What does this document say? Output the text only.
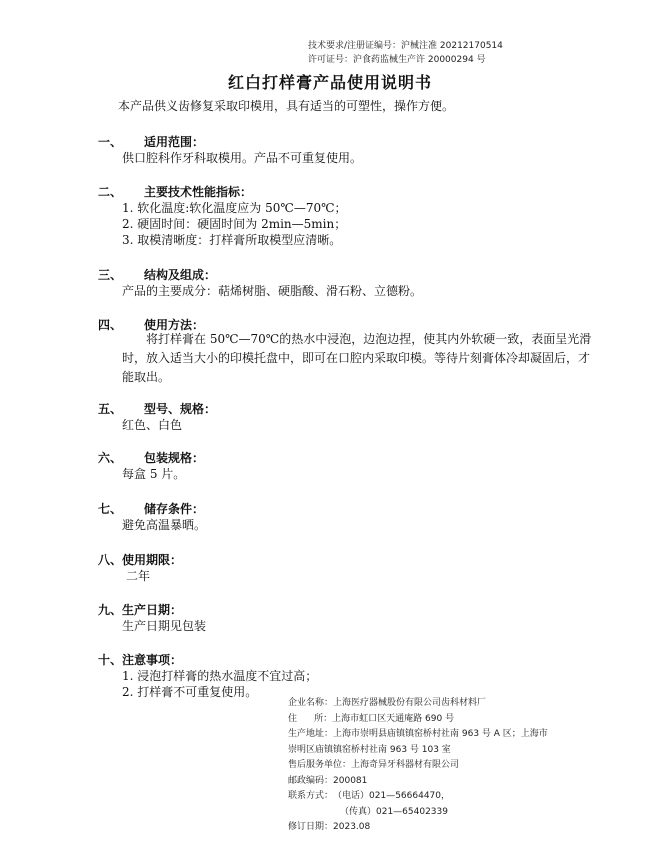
技术要求/注册证编号：沪械注准 20212170514
许可证号：沪食药监械生产许 20000294 号
红白打样膏产品使用说明书
本产品供义齿修复采取印模用，具有适当的可塑性，操作方便。
一、 适用范围：
供口腔科作牙科取模用。产品不可重复使用。
二、 主要技术性能指标：
1. 软化温度:软化温度应为 50℃—70℃；
2. 硬固时间：硬固时间为 2min—5min；
3. 取模清晰度：打样膏所取模型应清晰。
三、 结构及组成：
产品的主要成分：萜烯树脂、硬脂酸、滑石粉、立德粉。
四、 使用方法：
将打样膏在 50℃—70℃的热水中浸泡，边泡边捏，使其内外软硬一致，表面呈光滑时，放入适当大小的印模托盘中，即可在口腔内采取印模。等待片刻膏体冷却凝固后，才能取出。
五、 型号、规格：
红色、白色
六、 包装规格：
每盒 5 片。
七、 储存条件：
避免高温暴晒。
八、 使用期限：
二年
九、 生产日期：
生产日期见包装
十、 注意事项：
1. 浸泡打样膏的热水温度不宜过高；
2. 打样膏不可重复使用。
企业名称： 上海医疗器械股份有限公司齿科材料厂
住      所： 上海市虹口区天通庵路 690 号
生产地址： 上海市崇明县庙镇镇窑桥村社南 963 号 A 区；上海市
崇明区庙镇镇窑桥村社南 963 号 103 室
售后服务单位： 上海奇异牙科器材有限公司
邮政编码： 200081
联系方式： （电话）021—56664470，
（传真）021—65402339
修订日期： 2023.08
